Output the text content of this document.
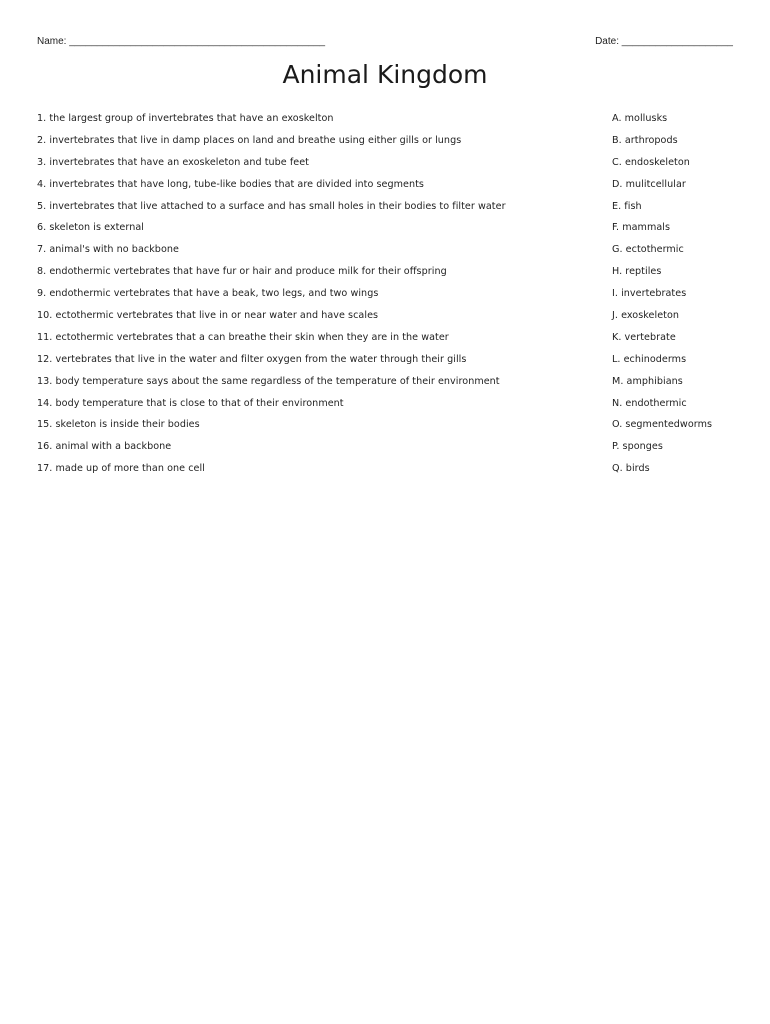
Name: ______________________________________________	Date: ____________________
Animal Kingdom
1. the largest group of invertebrates that have an exoskelton
2. invertebrates that live in damp places on land and breathe using either gills or lungs
3. invertebrates that have an exoskeleton and tube feet
4. invertebrates that have long, tube-like bodies that are divided into segments
5. invertebrates that live attached to a surface and has small holes in their bodies to filter water
6. skeleton is external
7. animal's with no backbone
8. endothermic vertebrates that have fur or hair and produce milk for their offspring
9. endothermic vertebrates that have a beak, two legs, and two wings
10. ectothermic vertebrates that live in or near water and have scales
11. ectothermic vertebrates that a can breathe their skin when they are in the water
12. vertebrates that live in the water and filter oxygen from the water through their gills
13. body temperature says about the same regardless of the temperature of their environment
14. body temperature that is close to that of their environment
15. skeleton is inside their bodies
16. animal with a backbone
17. made up of more than one cell
A. mollusks
B. arthropods
C. endoskeleton
D. mulitcellular
E. fish
F. mammals
G. ectothermic
H. reptiles
I. invertebrates
J. exoskeleton
K. vertebrate
L. echinoderms
M. amphibians
N. endothermic
O. segmentedworms
P. sponges
Q. birds
